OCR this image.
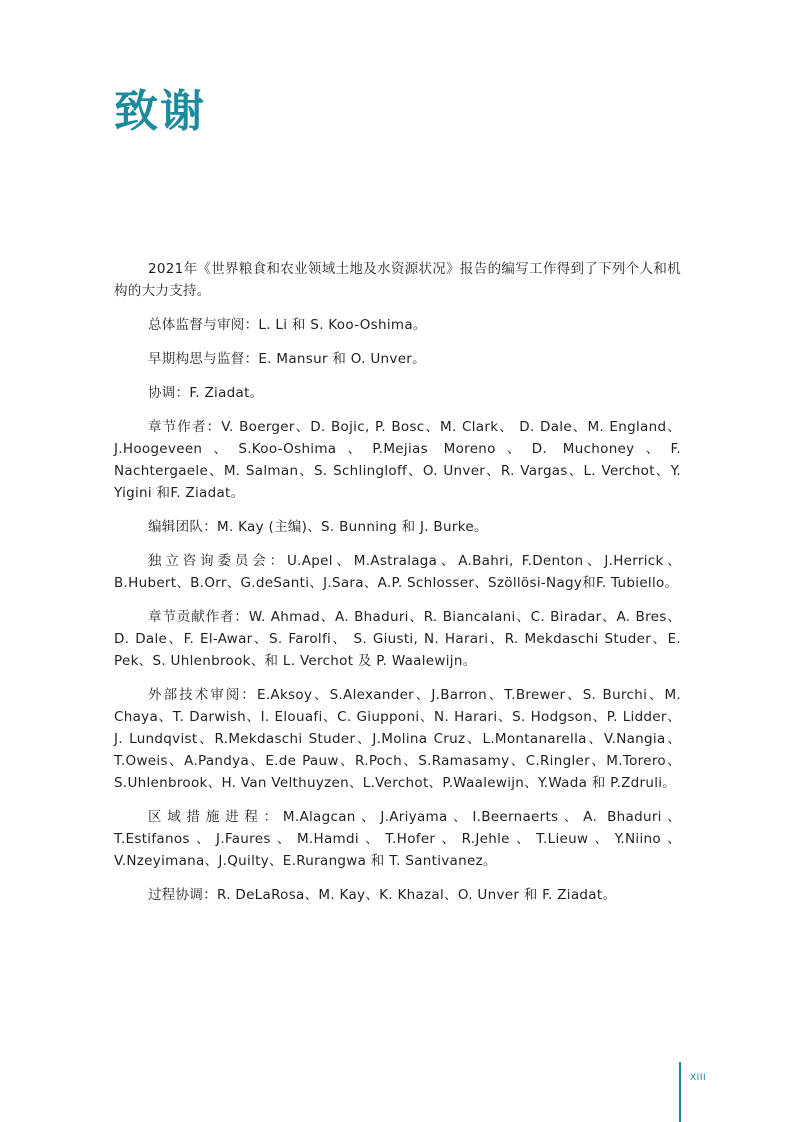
致谢

2021年《世界粮食和农业领域土地及水资源状况》报告的编写工作得到了下列个人和机构的大力支持。

总体监督与审阅：L. Li 和 S. Koo-Oshima。

早期构思与监督：E. Mansur 和 O. Unver。

协调：F. Ziadat。

章节作者：V. Boerger、D. Bojic, P. Bosc、M. Clark、 D. Dale、M. England、 J.Hoogeveen、S.Koo-Oshima、P.Mejias Moreno、D. Muchoney、F. Nachtergaele、M. Salman、S. Schlingloff、O. Unver、R. Vargas、L. Verchot、Y. Yigini 和F. Ziadat。

编辑团队：M. Kay (主编)、S. Bunning 和 J. Burke。

独立咨询委员会：U.Apel、M.Astralaga、A.Bahri, F.Denton、J.Herrick、B.Hubert、B.Orr、G.deSanti、J.Sara、A.P. Schlosser、Szöllösi-Nagy和F. Tubiello。

章节贡献作者：W. Ahmad、A. Bhaduri、R. Biancalani、C. Biradar、A. Bres、D. Dale、F. El-Awar、S. Farolfi、 S. Giusti, N. Harari、R. Mekdaschi Studer、E. Pek、S. Uhlenbrook、和 L. Verchot 及 P. Waalewijn。

外部技术审阅：E.Aksoy、S.Alexander、J.Barron、T.Brewer、S. Burchi、M. Chaya、T. Darwish、I. Elouafi、C. Giupponi、N. Harari、S. Hodgson、P. Lidder、J. Lundqvist、R.Mekdaschi Studer、J.Molina Cruz、L.Montanarella、V.Nangia、T.Oweis、A.Pandya、E.de Pauw、R.Poch、S.Ramasamy、C.Ringler、M.Torero、S.Uhlenbrook、H. Van Velthuyzen、L.Verchot、P.Waalewijn、Y.Wada 和 P.Zdruli。

区域措施进程：M.Alagcan、J.Ariyama、I.Beernaerts、A. Bhaduri、T.Estifanos、J.Faures、M.Hamdi、T.Hofer、R.Jehle、T.Lieuw、Y.Niino、V.Nzeyimana、J.Quilty、E.Rurangwa 和 T. Santivanez。

过程协调：R. DeLaRosa、M. Kay、K. Khazal、O. Unver 和 F. Ziadat。

XIII
